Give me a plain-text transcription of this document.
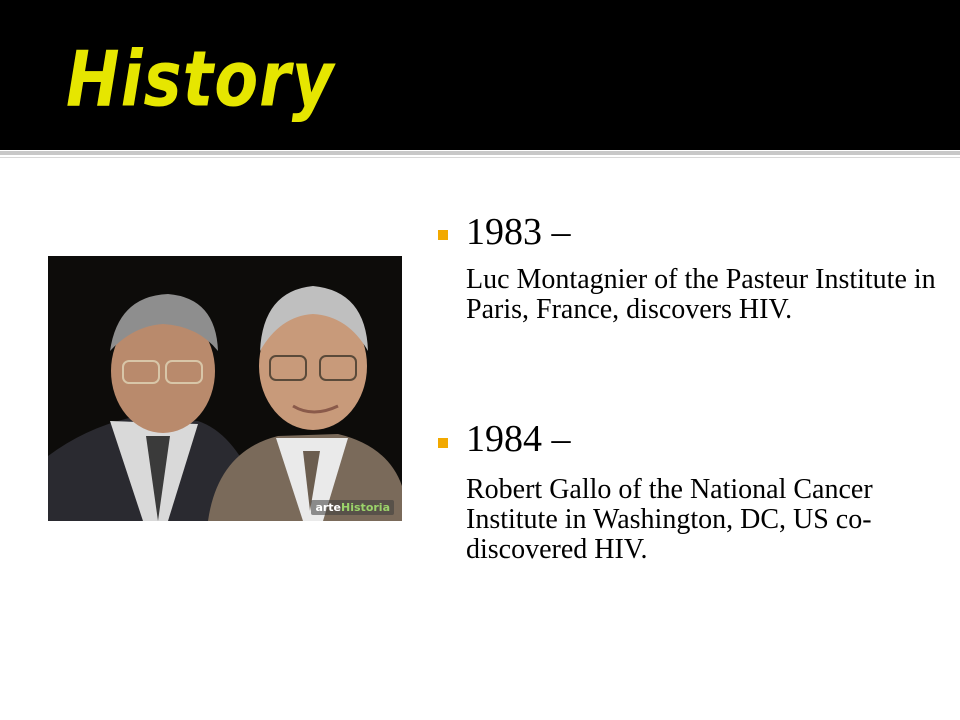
History
arteHistoria
1983 –
Luc Montagnier of the Pasteur Institute in Paris, France, discovers HIV.
1984 –
Robert Gallo of the National Cancer Institute in Washington, DC, US co-discovered HIV.
